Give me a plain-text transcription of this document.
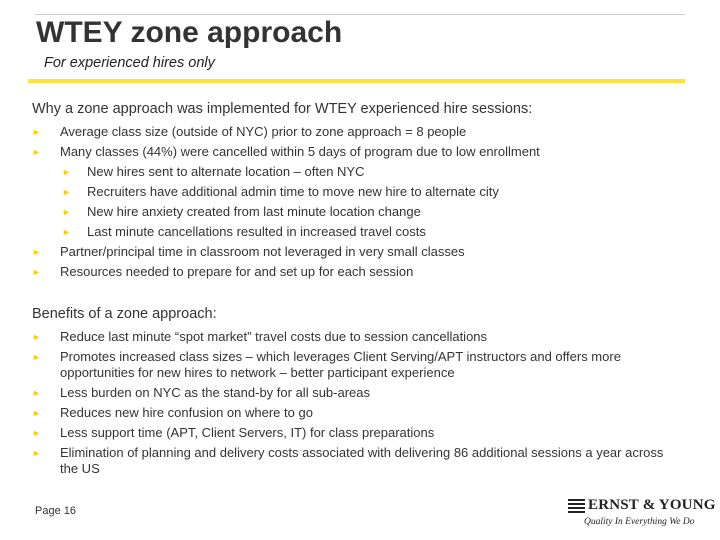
WTEY zone approach
For experienced hires only
Why a zone approach was implemented for WTEY experienced hire sessions:
► Average class size (outside of NYC) prior to zone approach = 8 people
► Many classes (44%) were cancelled within 5 days of program due to low enrollment
► New hires sent to alternate location – often NYC
► Recruiters have additional admin time to move new hire to alternate city
► New hire anxiety created from last minute location change
► Last minute cancellations resulted in increased travel costs
► Partner/principal time in classroom not leveraged in very small classes
► Resources needed to prepare for and set up for each session
Benefits of a zone approach:
► Reduce last minute “spot market” travel costs due to session cancellations
► Promotes increased class sizes – which leverages Client Serving/APT instructors and offers more opportunities for new hires to network – better participant experience
► Less burden on NYC as the stand-by for all sub-areas
► Reduces new hire confusion on where to go
► Less support time (APT, Client Servers, IT) for class preparations
► Elimination of planning and delivery costs associated with delivering 86 additional sessions a year across the US
Page 16	ERNST & YOUNG
Quality In Everything We Do
